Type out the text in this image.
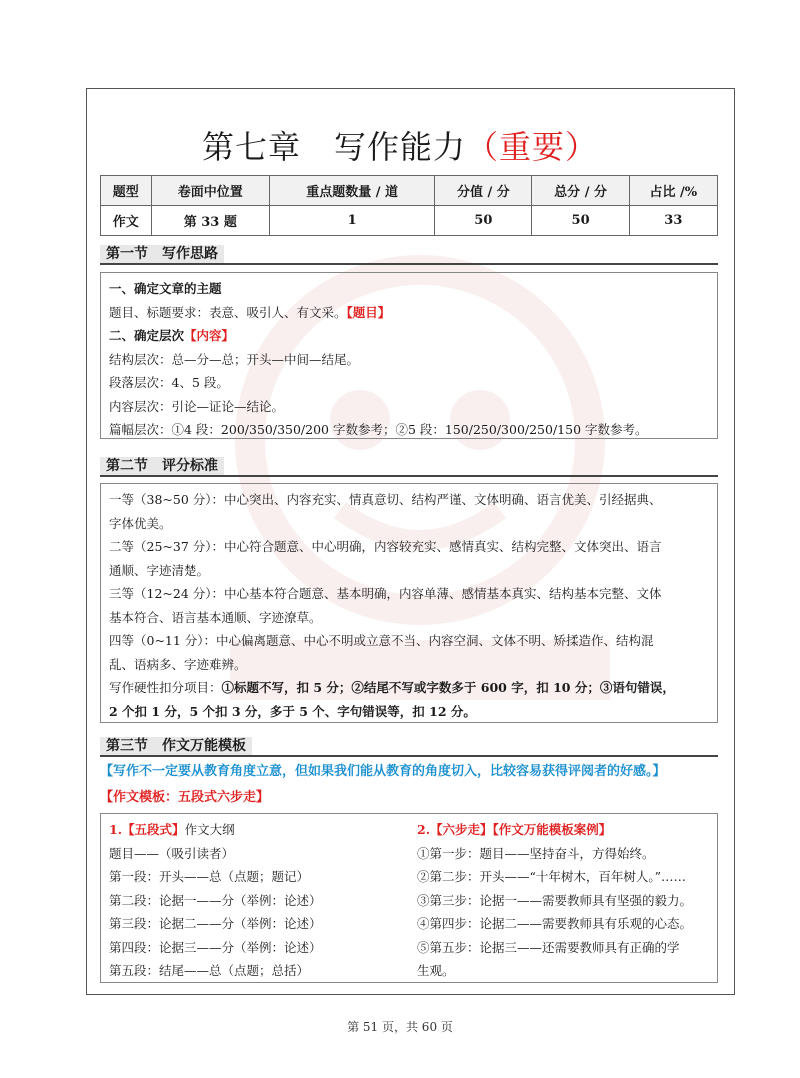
第七章　写作能力（重要）
题型	卷面中位置	重点题数量 / 道	分值 / 分	总分 / 分	占比 /%
作文	第 33 题	1	50	50	33
第一节　写作思路
一、确定文章的主题
题目、标题要求：表意、吸引人、有文采。【题目】
二、确定层次【内容】
结构层次：总—分—总；开头—中间—结尾。
段落层次：4、5 段。
内容层次：引论—证论—结论。
篇幅层次：①4 段：200/350/350/200 字数参考；②5 段：150/250/300/250/150 字数参考。
第二节　评分标准
一等（38~50 分）：中心突出、内容充实、情真意切、结构严谨、文体明确、语言优美、引经据典、
字体优美。
二等（25~37 分）：中心符合题意、中心明确，内容较充实、感情真实、结构完整、文体突出、语言
通顺、字迹清楚。
三等（12~24 分）：中心基本符合题意、基本明确，内容单薄、感情基本真实、结构基本完整、文体
基本符合、语言基本通顺、字迹潦草。
四等（0~11 分）：中心偏离题意、中心不明或立意不当、内容空洞、文体不明、矫揉造作、结构混
乱、语病多、字迹难辨。
写作硬性扣分项目：①标题不写，扣 5 分；②结尾不写或字数多于 600 字，扣 10 分；③语句错误，
2 个扣 1 分，5 个扣 3 分，多于 5 个、字句错误等，扣 12 分。
第三节　作文万能模板
【写作不一定要从教育角度立意，但如果我们能从教育的角度切入，比较容易获得评阅者的好感。】
【作文模板：五段式六步走】
1.【五段式】作文大纲
题目——（吸引读者）
第一段：开头——总（点题；题记）
第二段：论据一——分（举例：论述）
第三段：论据二——分（举例：论述）
第四段：论据三——分（举例：论述）
第五段：结尾——总（点题；总括）
2.【六步走】【作文万能模板案例】
①第一步：题目——坚持奋斗，方得始终。
②第二步：开头——“十年树木，百年树人。”……
③第三步：论据一——需要教师具有坚强的毅力。
④第四步：论据二——需要教师具有乐观的心态。
⑤第五步：论据三——还需要教师具有正确的学
生观。
第 51 页，共 60 页
